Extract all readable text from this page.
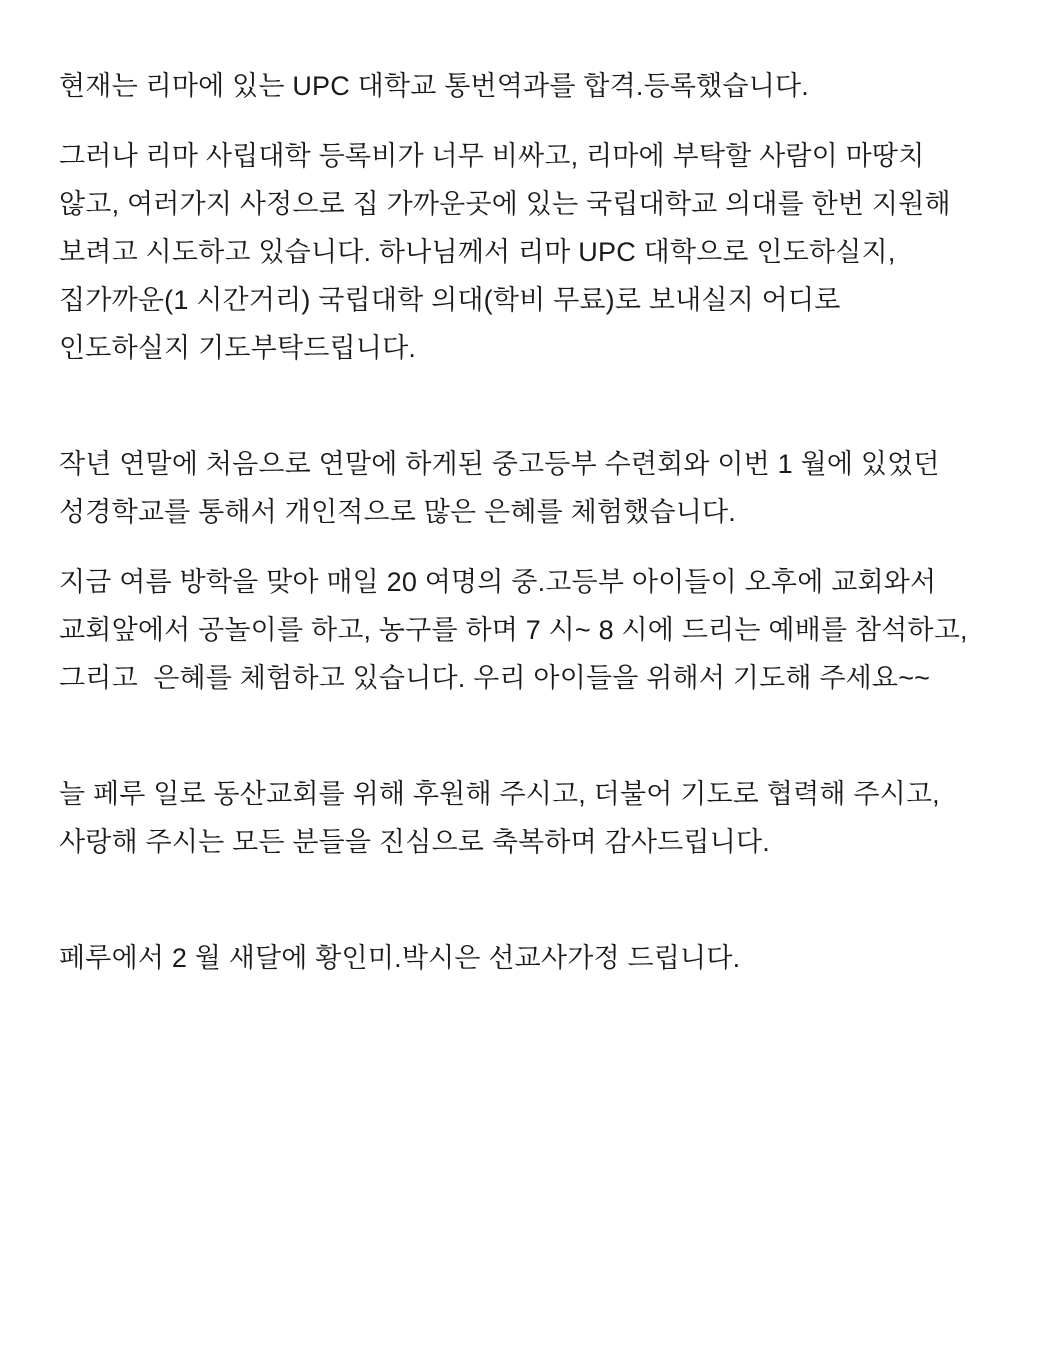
현재는 리마에 있는 UPC 대학교 통번역과를 합격.등록했습니다.

그러나 리마 사립대학 등록비가 너무 비싸고, 리마에 부탁할 사람이 마땅치
않고, 여러가지 사정으로 집 가까운곳에 있는 국립대학교 의대를 한번 지원해
보려고 시도하고 있습니다. 하나님께서 리마 UPC 대학으로 인도하실지,
집가까운(1 시간거리) 국립대학 의대(학비 무료)로 보내실지 어디로
인도하실지 기도부탁드립니다.

작년 연말에 처음으로 연말에 하게된 중고등부 수련회와 이번 1 월에 있었던
성경학교를 통해서 개인적으로 많은 은혜를 체험했습니다.

지금 여름 방학을 맞아 매일 20 여명의 중.고등부 아이들이 오후에 교회와서
교회앞에서 공놀이를 하고, 농구를 하며 7 시~ 8 시에 드리는 예배를 참석하고,
그리고  은혜를 체험하고 있습니다. 우리 아이들을 위해서 기도해 주세요~~

늘 페루 일로 동산교회를 위해 후원해 주시고, 더불어 기도로 협력해 주시고,
사랑해 주시는 모든 분들을 진심으로 축복하며 감사드립니다.

페루에서 2 월 새달에 황인미.박시은 선교사가정 드립니다.
